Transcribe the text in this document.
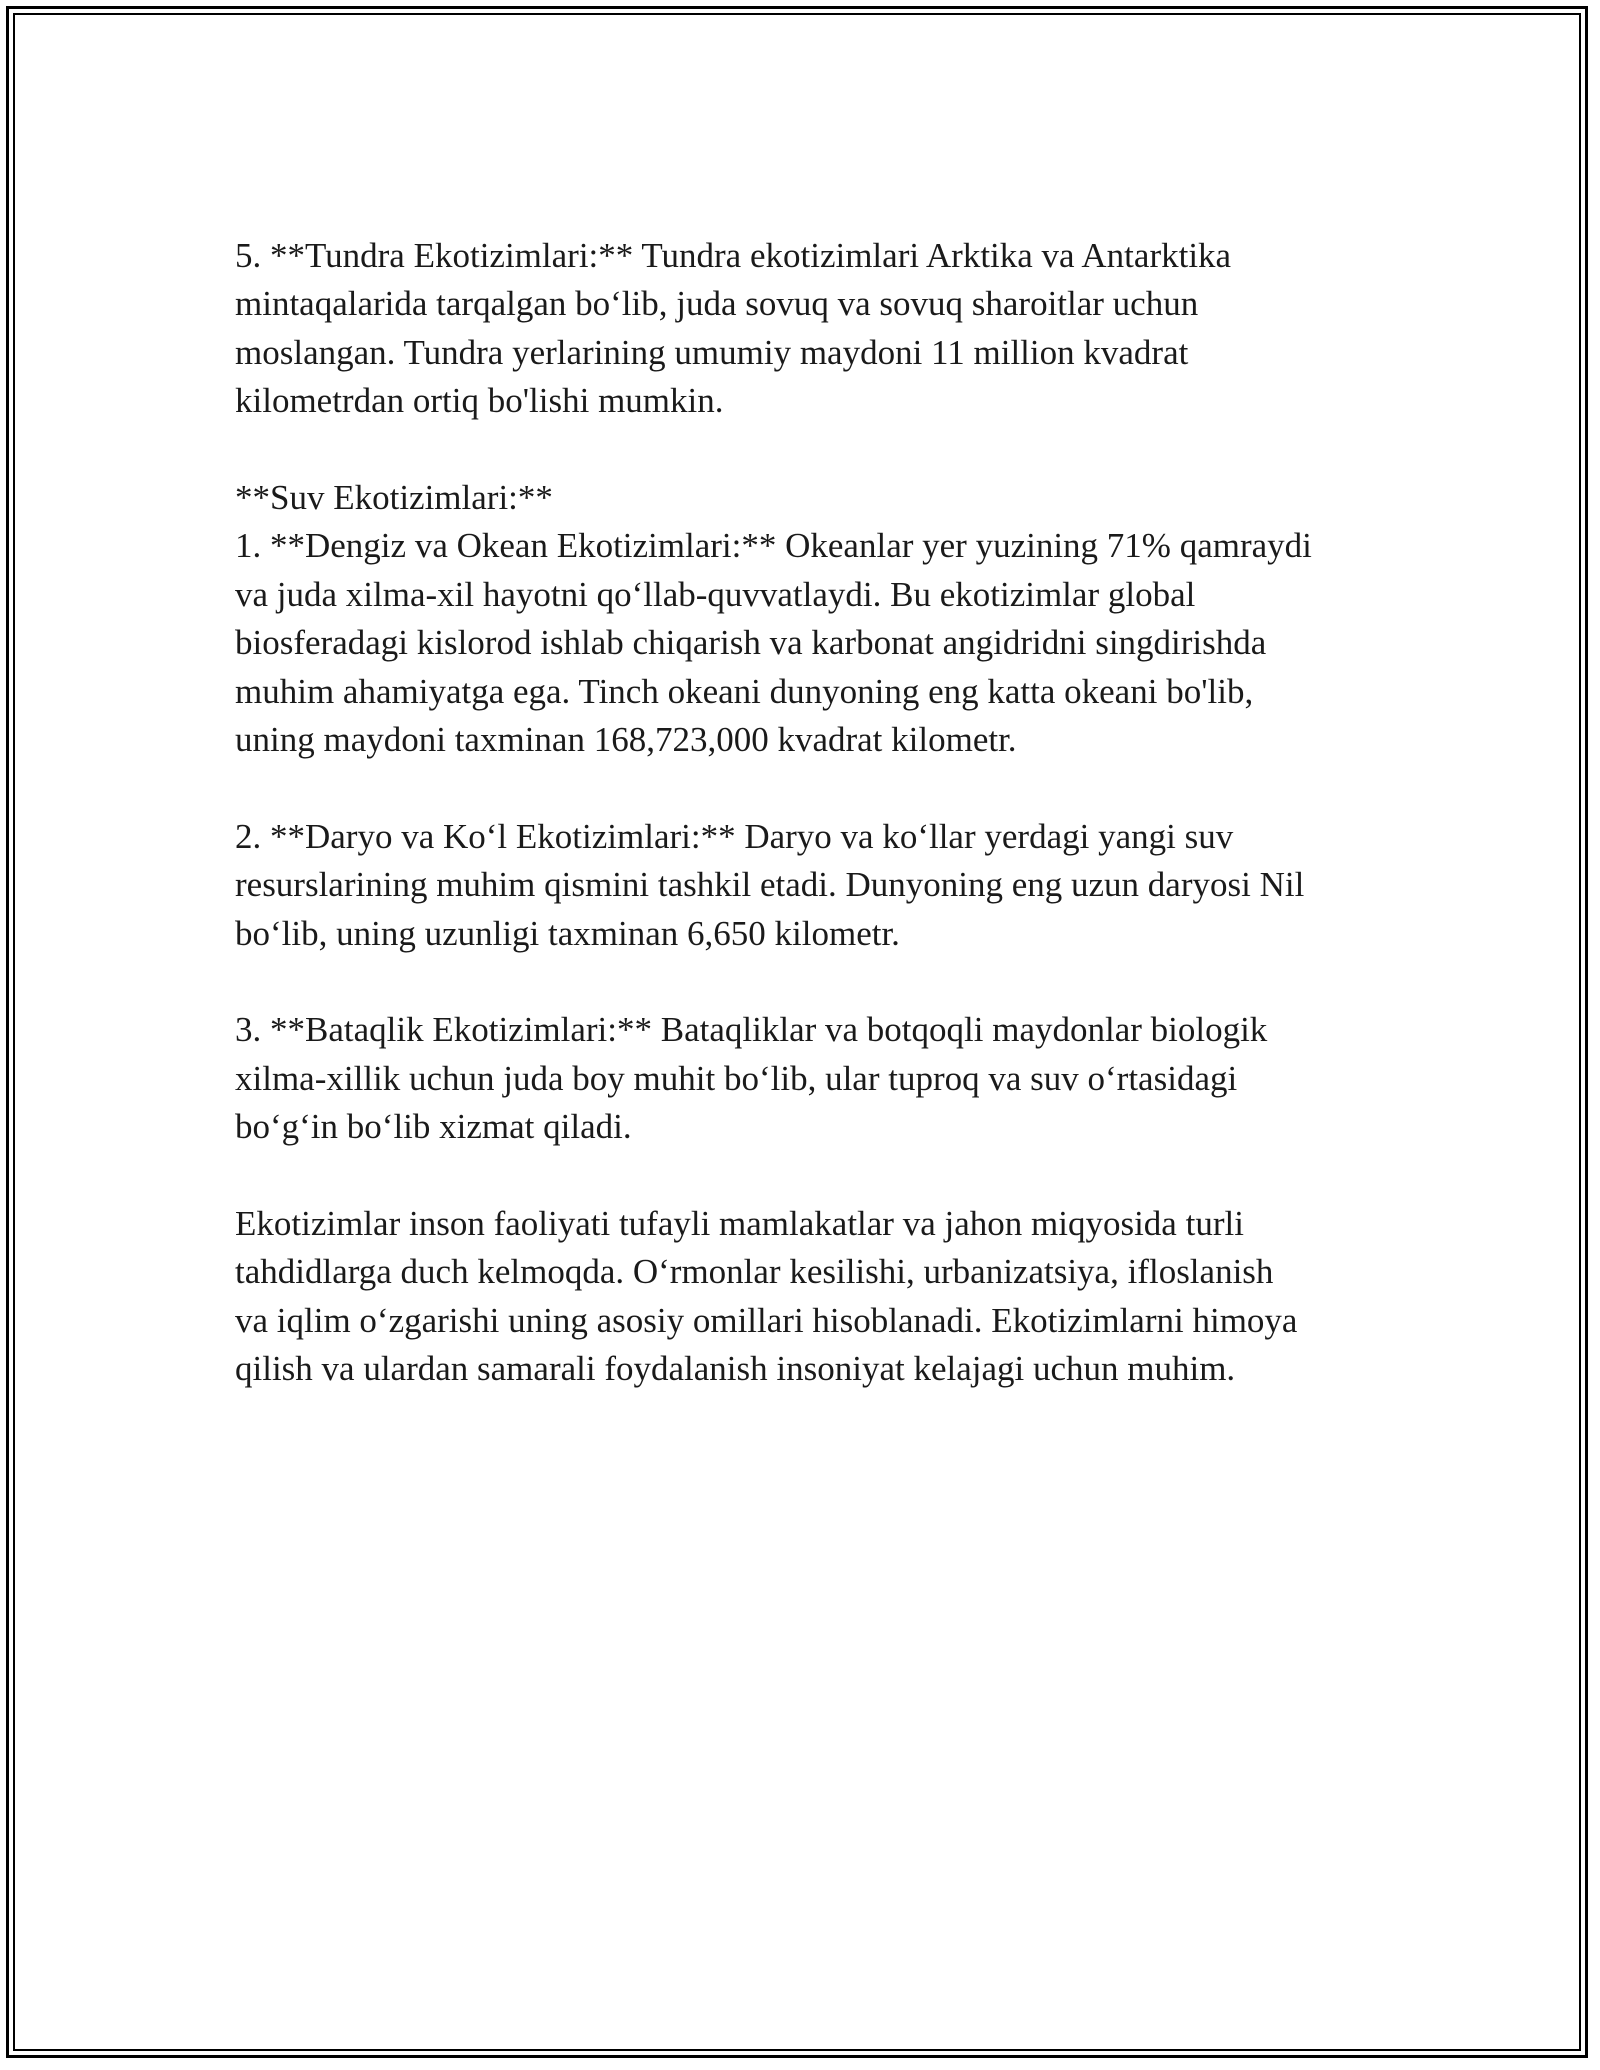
5. **Tundra Ekotizimlari:** Tundra ekotizimlari Arktika va Antarktika
mintaqalarida tarqalgan bo‘lib, juda sovuq va sovuq sharoitlar uchun
moslangan. Tundra yerlarining umumiy maydoni 11 million kvadrat
kilometrdan ortiq bo'lishi mumkin.

**Suv Ekotizimlari:**

1. **Dengiz va Okean Ekotizimlari:** Okeanlar yer yuzining 71% qamraydi
va juda xilma-xil hayotni qo‘llab-quvvatlaydi. Bu ekotizimlar global
biosferadagi kislorod ishlab chiqarish va karbonat angidridni singdirishda
muhim ahamiyatga ega. Tinch okeani dunyoning eng katta okeani bo'lib,
uning maydoni taxminan 168,723,000 kvadrat kilometr.

2. **Daryo va Ko‘l Ekotizimlari:** Daryo va ko‘llar yerdagi yangi suv
resurslarining muhim qismini tashkil etadi. Dunyoning eng uzun daryosi Nil
bo‘lib, uning uzunligi taxminan 6,650 kilometr.

3. **Bataqlik Ekotizimlari:** Bataqliklar va botqoqli maydonlar biologik
xilma-xillik uchun juda boy muhit bo‘lib, ular tuproq va suv o‘rtasidagi
bo‘g‘in bo‘lib xizmat qiladi.

Ekotizimlar inson faoliyati tufayli mamlakatlar va jahon miqyosida turli
tahdidlarga duch kelmoqda. O‘rmonlar kesilishi, urbanizatsiya, ifloslanish
va iqlim o‘zgarishi uning asosiy omillari hisoblanadi. Ekotizimlarni himoya
qilish va ulardan samarali foydalanish insoniyat kelajagi uchun muhim.
